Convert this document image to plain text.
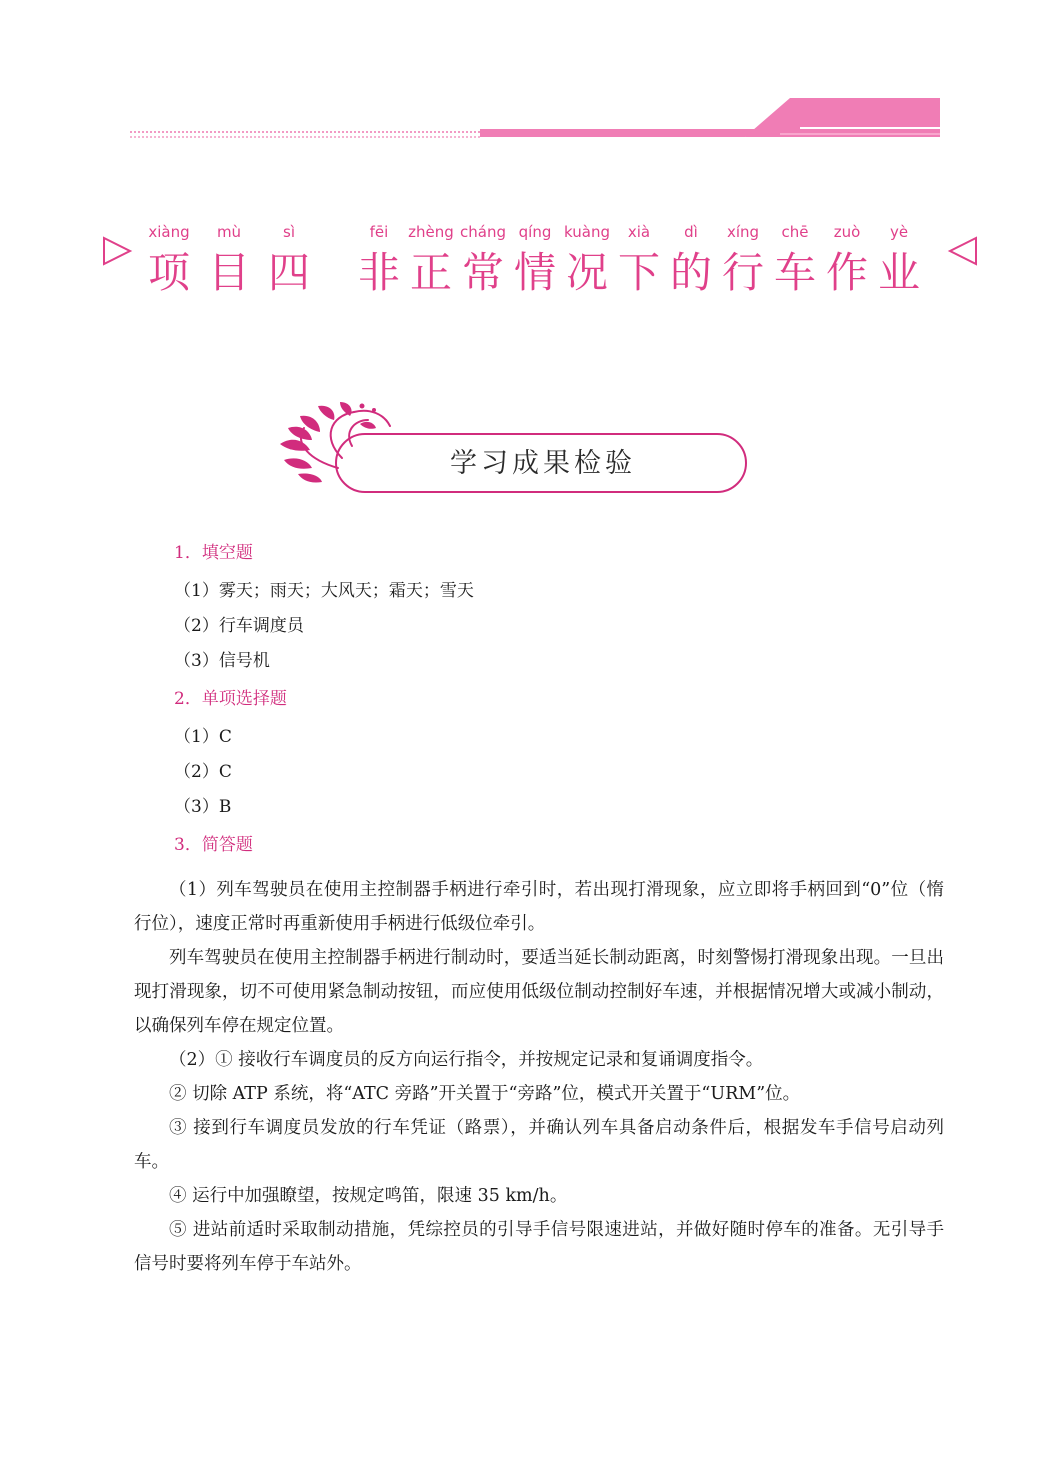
xiàng
项
mù
目
sì
四
fēi
非
zhèng
正
cháng
常
qíng
情
kuàng
况
xià
下
dì
的
xíng
行
chē
车
zuò
作
yè
业
学习成果检验
1．填空题
（1）雾天；雨天；大风天；霜天；雪天
（2）行车调度员
（3）信号机
2．单项选择题
（1）C
（2）C
（3）B
3．简答题

（1）列车驾驶员在使用主控制器手柄进行牵引时，若出现打滑现象，应立即将手柄回到“0”位（惰行位），速度正常时再重新使用手柄进行低级位牵引。

列车驾驶员在使用主控制器手柄进行制动时，要适当延长制动距离，时刻警惕打滑现象出现。一旦出现打滑现象，切不可使用紧急制动按钮，而应使用低级位制动控制好车速，并根据情况增大或减小制动，以确保列车停在规定位置。

（2）① 接收行车调度员的反方向运行指令，并按规定记录和复诵调度指令。

② 切除 ATP 系统，将“ATC 旁路”开关置于“旁路”位，模式开关置于“URM”位。

③ 接到行车调度员发放的行车凭证（路票），并确认列车具备启动条件后，根据发车手信号启动列车。

④ 运行中加强瞭望，按规定鸣笛，限速 35 km/h。

⑤ 进站前适时采取制动措施，凭综控员的引导手信号限速进站，并做好随时停车的准备。无引导手信号时要将列车停于车站外。
